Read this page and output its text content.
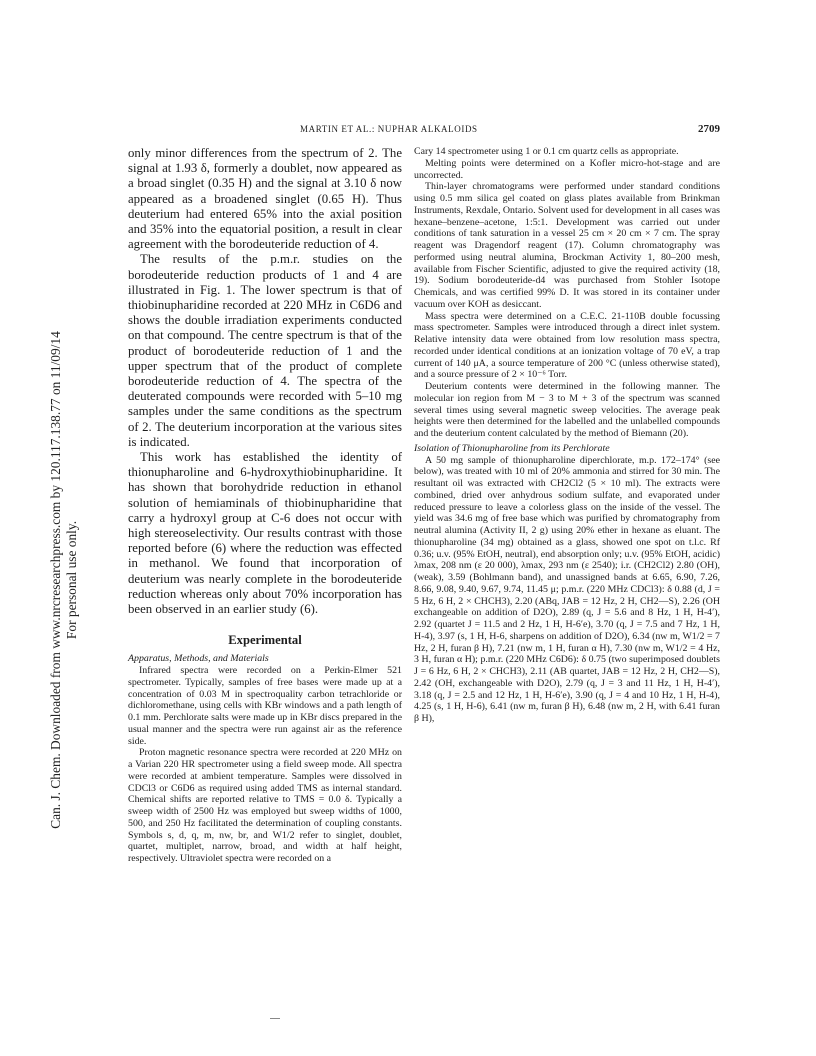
Can. J. Chem. Downloaded from www.nrcresearchpress.com by 120.117.138.77 on 11/09/14 For personal use only.
MARTIN ET AL.: NUPHAR ALKALOIDS	2709

only minor differences from the spectrum of 2. The signal at 1.93 δ, formerly a doublet, now appeared as a broad singlet (0.35 H) and the signal at 3.10 δ now appeared as a broadened singlet (0.65 H). Thus deuterium had entered 65% into the axial position and 35% into the equatorial position, a result in clear agreement with the borodeuteride reduction of 4.

The results of the p.m.r. studies on the borodeuteride reduction products of 1 and 4 are illustrated in Fig. 1. The lower spectrum is that of thiobinupharidine recorded at 220 MHz in C6D6 and shows the double irradiation experiments conducted on that compound. The centre spectrum is that of the product of borodeuteride reduction of 1 and the upper spectrum that of the product of complete borodeuteride reduction of 4. The spectra of the deuterated compounds were recorded with 5–10 mg samples under the same conditions as the spectrum of 2. The deuterium incorporation at the various sites is indicated.

This work has established the identity of thionupharoline and 6-hydroxythiobinupharidine. It has shown that borohydride reduction in ethanol solution of hemiaminals of thiobinupharidine that carry a hydroxyl group at C-6 does not occur with high stereoselectivity. Our results contrast with those reported before (6) where the reduction was effected in methanol. We found that incorporation of deuterium was nearly complete in the borodeuteride reduction whereas only about 70% incorporation has been observed in an earlier study (6).

Experimental
Apparatus, Methods, and Materials

Infrared spectra were recorded on a Perkin-Elmer 521 spectrometer. Typically, samples of free bases were made up at a concentration of 0.03 M in spectroquality carbon tetrachloride or dichloromethane, using cells with KBr windows and a path length of 0.1 mm. Perchlorate salts were made up in KBr discs prepared in the usual manner and the spectra were run against air as the reference side.

Proton magnetic resonance spectra were recorded at 220 MHz on a Varian 220 HR spectrometer using a field sweep mode. All spectra were recorded at ambient temperature. Samples were dissolved in CDCl3 or C6D6 as required using added TMS as internal standard. Chemical shifts are reported relative to TMS = 0.0 δ. Typically a sweep width of 2500 Hz was employed but sweep widths of 1000, 500, and 250 Hz facilitated the determination of coupling constants. Symbols s, d, q, m, nw, br, and W1/2 refer to singlet, doublet, quartet, multiplet, narrow, broad, and width at half height, respectively. Ultraviolet spectra were recorded on a

Cary 14 spectrometer using 1 or 0.1 cm quartz cells as appropriate.

Melting points were determined on a Kofler micro-hot-stage and are uncorrected.

Thin-layer chromatograms were performed under standard conditions using 0.5 mm silica gel coated on glass plates available from Brinkman Instruments, Rexdale, Ontario. Solvent used for development in all cases was hexane–benzene–acetone, 1:5:1. Development was carried out under conditions of tank saturation in a vessel 25 cm × 20 cm × 7 cm. The spray reagent was Dragendorf reagent (17). Column chromatography was performed using neutral alumina, Brockman Activity 1, 80–200 mesh, available from Fischer Scientific, adjusted to give the required activity (18, 19). Sodium borodeuteride-d4 was purchased from Stohler Isotope Chemicals, and was certified 99% D. It was stored in its container under vacuum over KOH as desiccant.

Mass spectra were determined on a C.E.C. 21-110B double focussing mass spectrometer. Samples were introduced through a direct inlet system. Relative intensity data were obtained from low resolution mass spectra, recorded under identical conditions at an ionization voltage of 70 eV, a trap current of 140 μA, a source temperature of 200 °C (unless otherwise stated), and a source pressure of 2 × 10⁻⁶ Torr.

Deuterium contents were determined in the following manner. The molecular ion region from M − 3 to M + 3 of the spectrum was scanned several times using several magnetic sweep velocities. The average peak heights were then determined for the labelled and the unlabelled compounds and the deuterium content calculated by the method of Biemann (20).

Isolation of Thionupharoline from its Perchlorate

A 50 mg sample of thionupharoline diperchlorate, m.p. 172–174° (see below), was treated with 10 ml of 20% ammonia and stirred for 30 min. The resultant oil was extracted with CH2Cl2 (5 × 10 ml). The extracts were combined, dried over anhydrous sodium sulfate, and evaporated under reduced pressure to leave a colorless glass on the inside of the vessel. The yield was 34.6 mg of free base which was purified by chromatography from neutral alumina (Activity II, 2 g) using 20% ether in hexane as eluant. The thionupharoline (34 mg) obtained as a glass, showed one spot on t.l.c. Rf 0.36; u.v. (95% EtOH, neutral), end absorption only; u.v. (95% EtOH, acidic) λmax, 208 nm (ε 20 000), λmax, 293 nm (ε 2540); i.r. (CH2Cl2) 2.80 (OH), (weak), 3.59 (Bohlmann band), and unassigned bands at 6.65, 6.90, 7.26, 8.66, 9.08, 9.40, 9.67, 9.74, 11.45 μ; p.m.r. (220 MHz CDCl3): δ 0.88 (d, J = 5 Hz, 6 H, 2 × CHCH3), 2.20 (ABq, JAB = 12 Hz, 2 H, CH2—S), 2.26 (OH exchangeable on addition of D2O), 2.89 (q, J = 5.6 and 8 Hz, 1 H, H-4′), 2.92 (quartet J = 11.5 and 2 Hz, 1 H, H-6′e), 3.70 (q, J = 7.5 and 7 Hz, 1 H, H-4), 3.97 (s, 1 H, H-6, sharpens on addition of D2O), 6.34 (nw m, W1/2 = 7 Hz, 2 H, furan β H), 7.21 (nw m, 1 H, furan α H), 7.30 (nw m, W1/2 = 4 Hz, 3 H, furan α H); p.m.r. (220 MHz C6D6): δ 0.75 (two superimposed doublets J = 6 Hz, 6 H, 2 × CHCH3), 2.11 (AB quartet, JAB = 12 Hz, 2 H, CH2—S), 2.42 (OH, exchangeable with D2O), 2.79 (q, J = 3 and 11 Hz, 1 H, H-4′), 3.18 (q, J = 2.5 and 12 Hz, 1 H, H-6′e), 3.90 (q, J = 4 and 10 Hz, 1 H, H-4), 4.25 (s, 1 H, H-6), 6.41 (nw m, furan β H), 6.48 (nw m, 2 H, with 6.41 furan β H),
